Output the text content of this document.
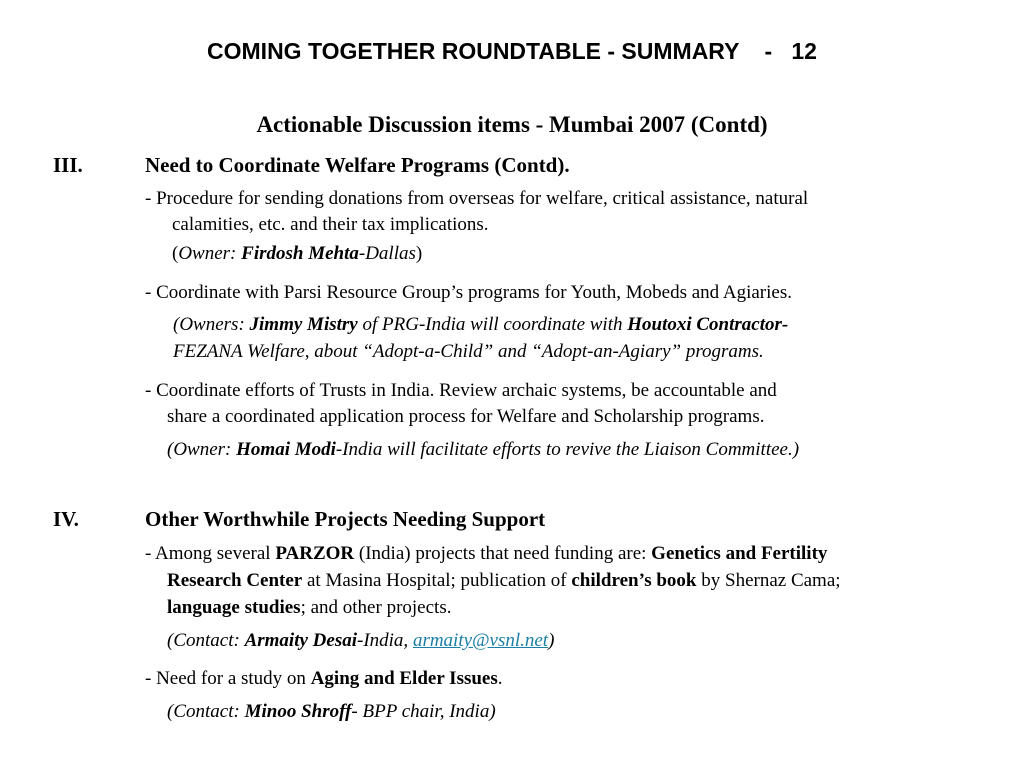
COMING TOGETHER ROUNDTABLE - SUMMARY    -   12
Actionable Discussion items - Mumbai 2007 (Contd)
III.	Need to Coordinate Welfare Programs (Contd).
- Procedure for sending donations from overseas for welfare, critical assistance, natural
calamities, etc. and their tax implications.
(Owner: Firdosh Mehta-Dallas)
- Coordinate with Parsi Resource Group’s programs for Youth, Mobeds and Agiaries.
(Owners: Jimmy Mistry of PRG-India will coordinate with Houtoxi Contractor-
FEZANA Welfare, about “Adopt-a-Child” and “Adopt-an-Agiary” programs.
- Coordinate efforts of Trusts in India. Review archaic systems, be accountable and
share a coordinated application process for Welfare and Scholarship programs.
(Owner: Homai Modi-India will facilitate efforts to revive the Liaison Committee.)
IV.	Other Worthwhile Projects Needing Support
- Among several PARZOR (India) projects that need funding are: Genetics and Fertility
Research Center at Masina Hospital; publication of children’s book by Shernaz Cama;
language studies; and other projects.
(Contact: Armaity Desai-India, armaity@vsnl.net)
- Need for a study on Aging and Elder Issues.
(Contact: Minoo Shroff- BPP chair, India)
